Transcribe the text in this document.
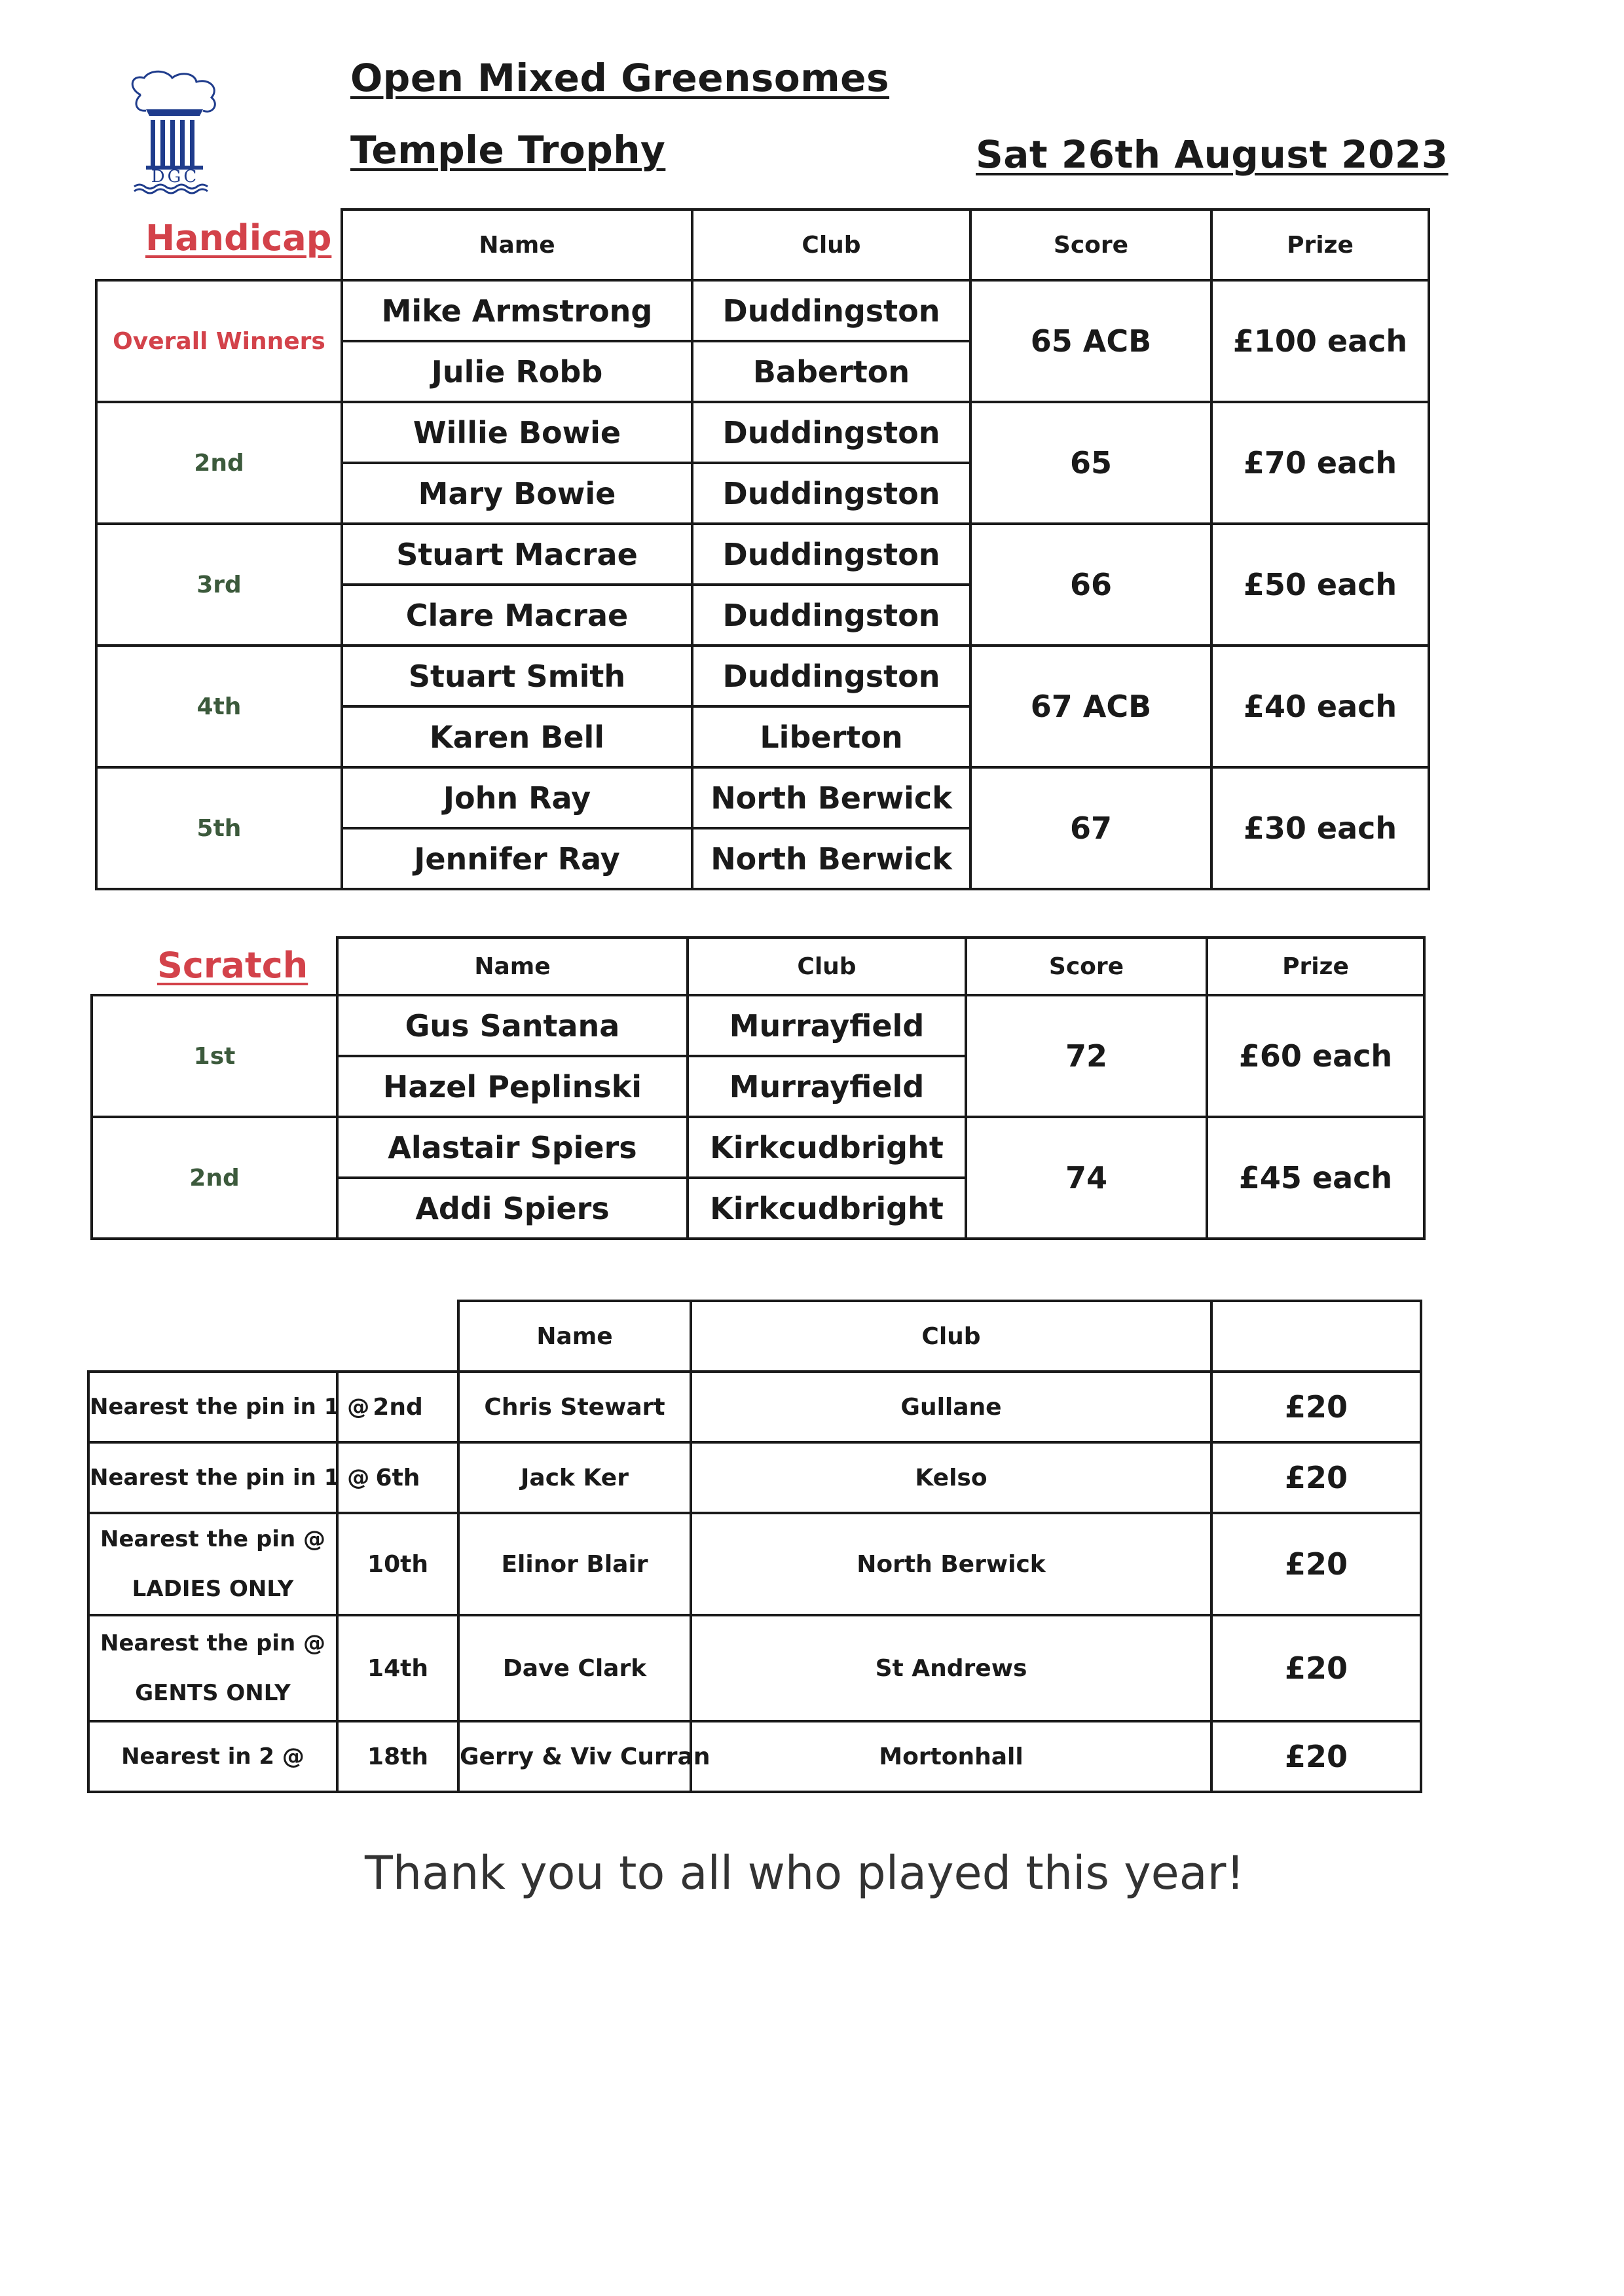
DGC
Open Mixed Greensomes
Temple Trophy	Sat 26th August 2023
Handicap
		Name	Club	Score	Prize
Overall Winners	Mike Armstrong	Duddingston	65 ACB	£100 each
	Julie Robb	Baberton		
2nd	Willie Bowie	Duddingston	65	£70 each
	Mary Bowie	Duddingston		
3rd	Stuart Macrae	Duddingston	66	£50 each
	Clare Macrae	Duddingston		
4th	Stuart Smith	Duddingston	67 ACB	£40 each
	Karen Bell	Liberton		
5th	John Ray	North Berwick	67	£30 each
	Jennifer Ray	North Berwick		
Scratch
		Name	Club	Score	Prize
1st	Gus Santana	Murrayfield	72	£60 each
	Hazel Peplinski	Murrayfield		
2nd	Alastair Spiers	Kirkcudbright	74	£45 each
	Addi Spiers	Kirkcudbright		
		Name	Club	
Nearest the pin in 1 @	2nd	Chris Stewart	Gullane	£20
Nearest the pin in 1 @	6th	Jack Ker	Kelso	£20
Nearest the pin @
LADIES ONLY	10th	Elinor Blair	North Berwick	£20
Nearest the pin @
GENTS ONLY	14th	Dave Clark	St Andrews	£20
Nearest in 2 @	18th	Gerry & Viv Curran	Mortonhall	£20
Thank you to all who played this year!
